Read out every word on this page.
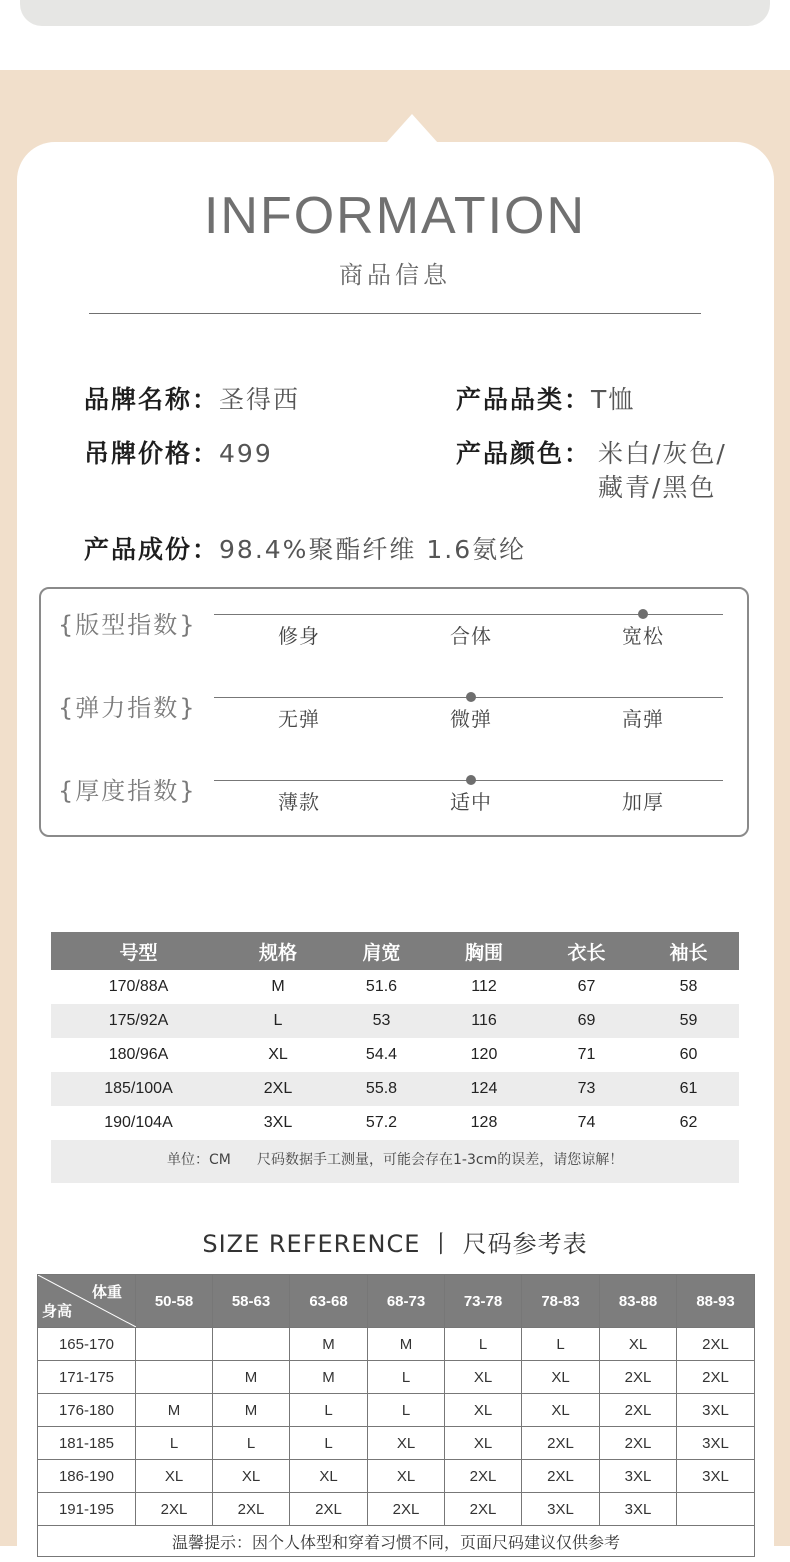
INFORMATION
商品信息
品牌名称：圣得西	产品品类：T恤
吊牌价格：499	产品颜色： 米白/灰色/
藏青/黑色
产品成份：98.4%聚酯纤维 1.6氨纶
{版型指数}	修身	合体	宽松
{弹力指数}	无弹	微弹	高弹
{厚度指数}	薄款	适中	加厚
号型	规格	肩宽	胸围	衣长	袖长
170/88A	M	51.6	112	67	58
175/92A	L	53	116	69	59
180/96A	XL	54.4	120	71	60
185/100A	2XL	55.8	124	73	61
190/104A	3XL	57.2	128	74	62
单位：CM 尺码数据手工测量，可能会存在1-3cm的误差，请您谅解！
SIZE REFERENCE 丨 尺码参考表
体重
身高	50-58	58-63	63-68	68-73	73-78	78-83	83-88	88-93
165-170			M	M	L	L	XL	2XL
171-175		M	M	L	XL	XL	2XL	2XL
176-180	M	M	L	L	XL	XL	2XL	3XL
181-185	L	L	L	XL	XL	2XL	2XL	3XL
186-190	XL	XL	XL	XL	2XL	2XL	3XL	3XL
191-195	2XL	2XL	2XL	2XL	2XL	3XL	3XL	
温馨提示：因个人体型和穿着习惯不同，页面尺码建议仅供参考								
